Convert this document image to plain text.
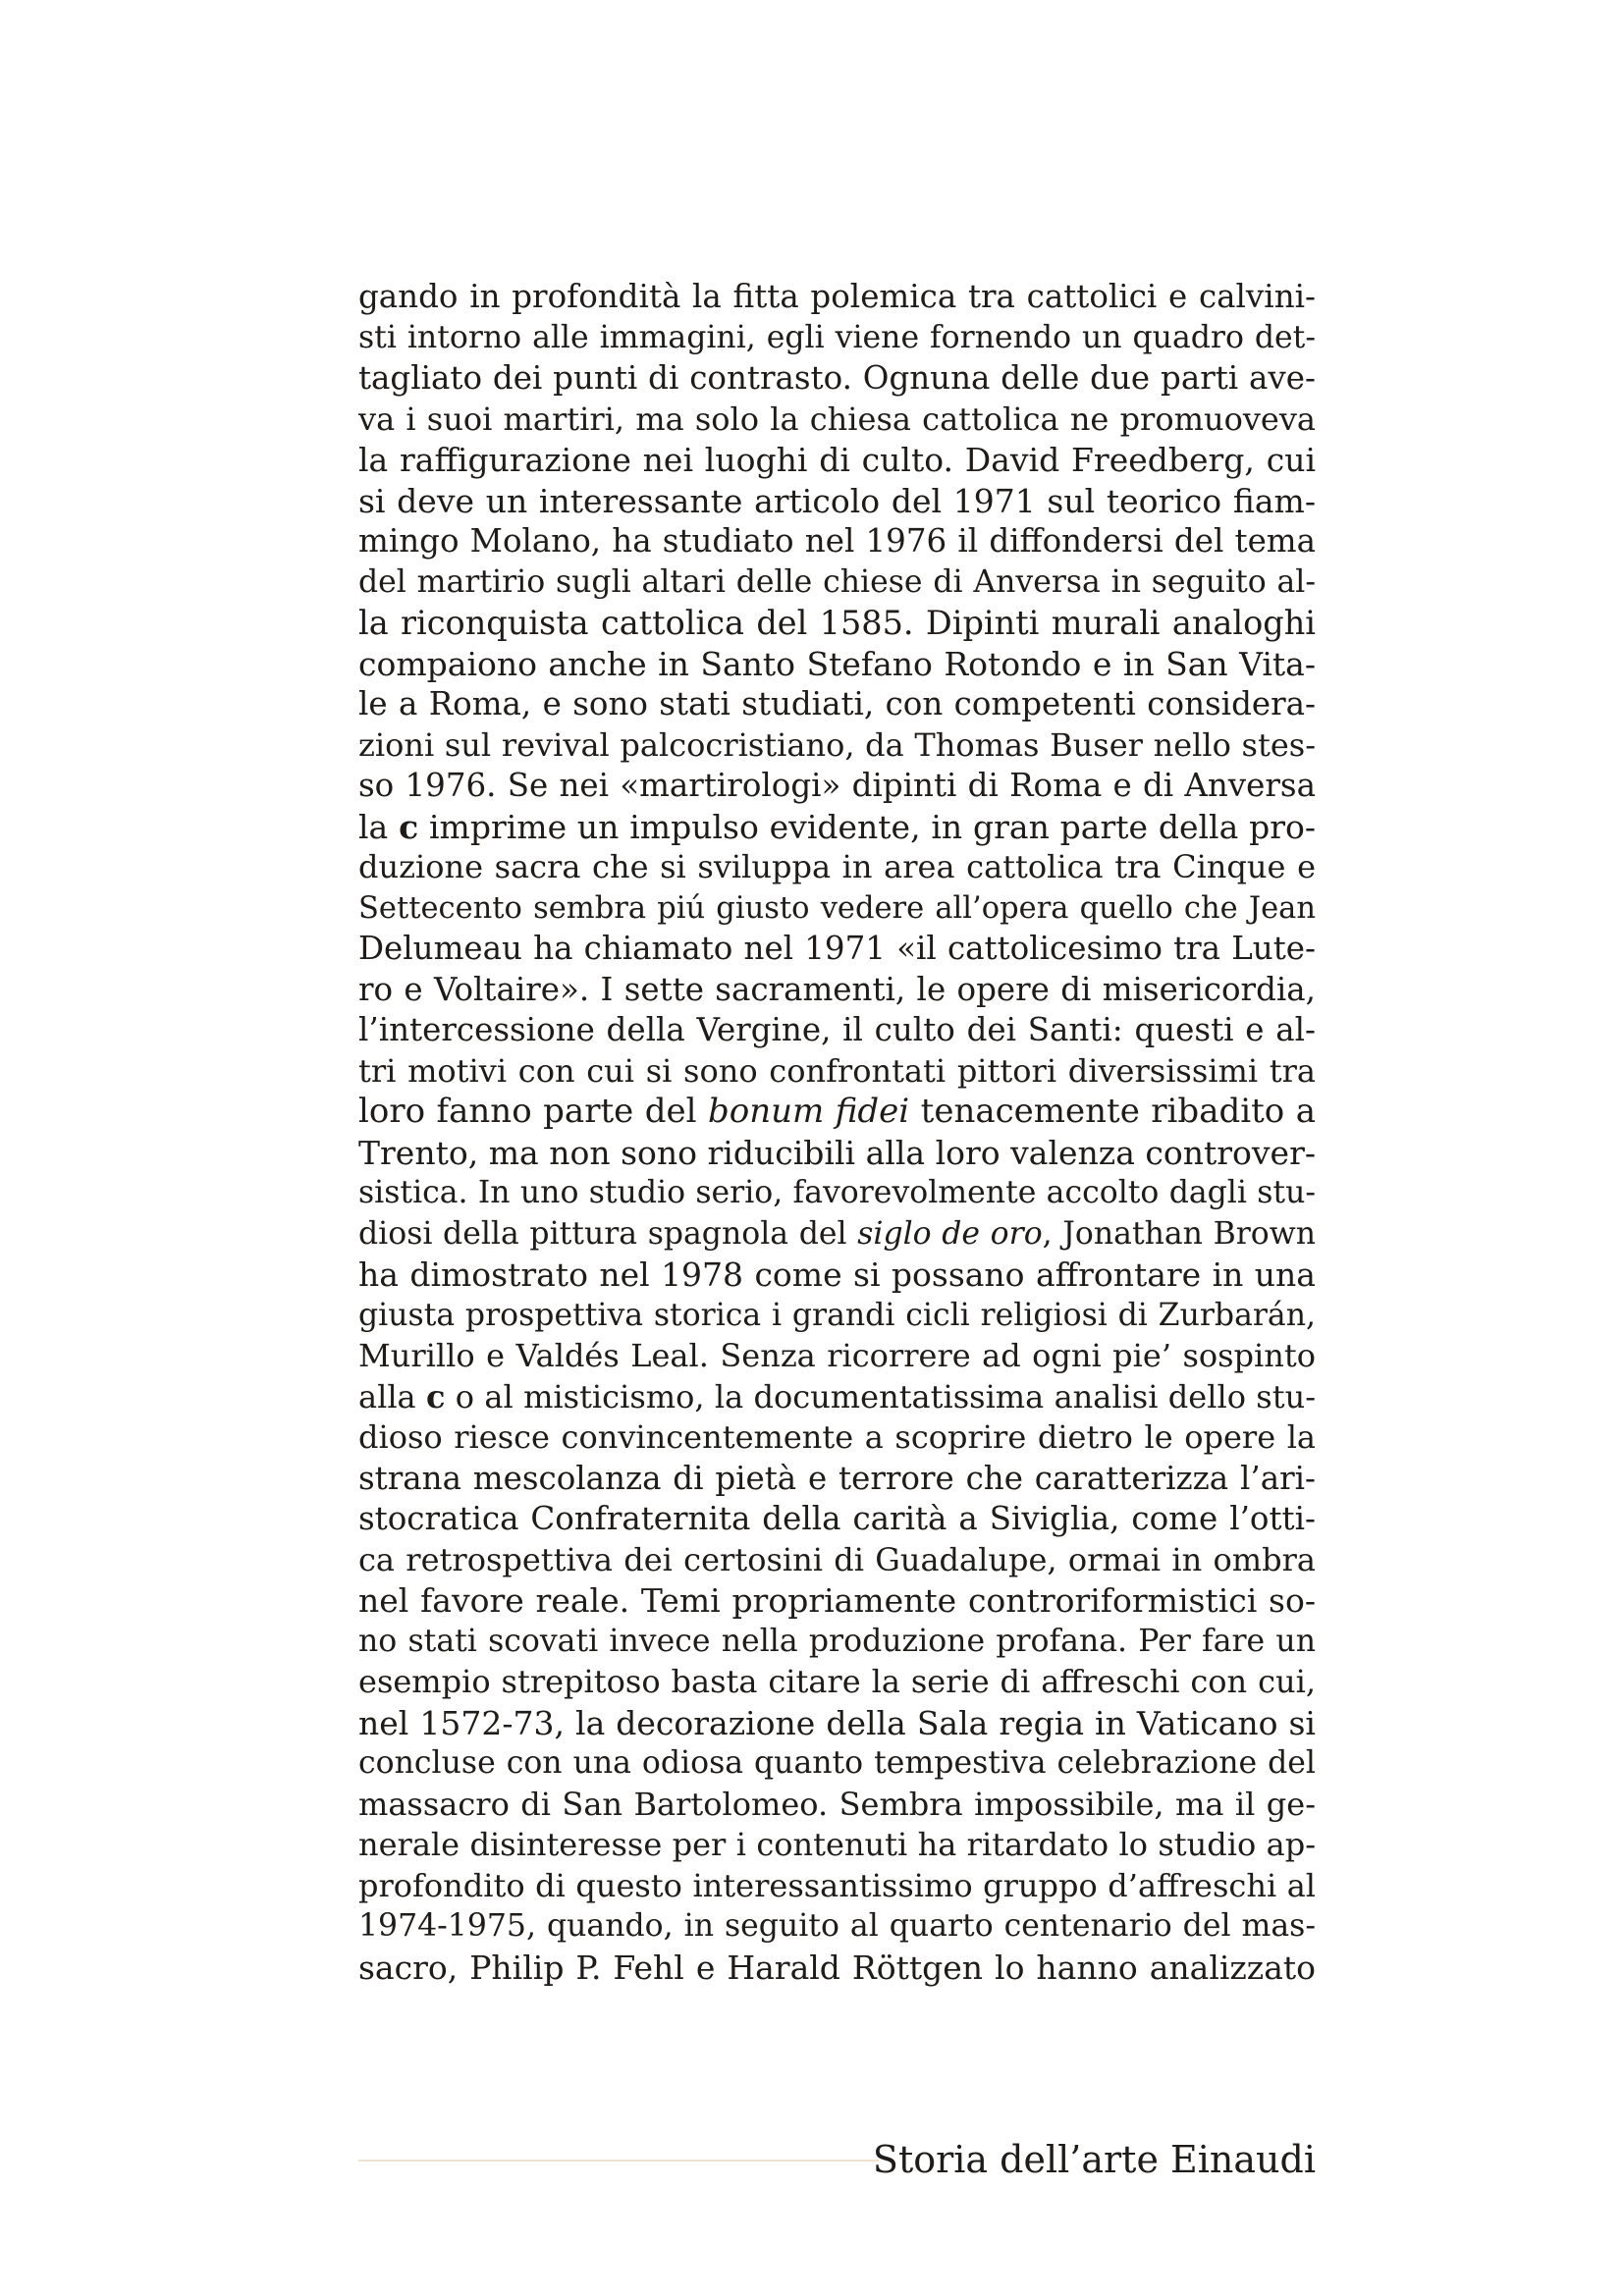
gando in profondità la fitta polemica tra cattolici e calvini-
sti intorno alle immagini, egli viene fornendo un quadro det-
tagliato dei punti di contrasto. Ognuna delle due parti ave-
va i suoi martiri, ma solo la chiesa cattolica ne promuoveva
la raffigurazione nei luoghi di culto. David Freedberg, cui
si deve un interessante articolo del 1971 sul teorico fiam-
mingo Molano, ha studiato nel 1976 il diffondersi del tema
del martirio sugli altari delle chiese di Anversa in seguito al-
la riconquista cattolica del 1585. Dipinti murali analoghi
compaiono anche in Santo Stefano Rotondo e in San Vita-
le a Roma, e sono stati studiati, con competenti considera-
zioni sul revival palcocristiano, da Thomas Buser nello stes-
so 1976. Se nei «martirologi» dipinti di Roma e di Anversa
la c imprime un impulso evidente, in gran parte della pro-
duzione sacra che si sviluppa in area cattolica tra Cinque e
Settecento sembra piú giusto vedere all’opera quello che Jean
Delumeau ha chiamato nel 1971 «il cattolicesimo tra Lute-
ro e Voltaire». I sette sacramenti, le opere di misericordia,
l’intercessione della Vergine, il culto dei Santi: questi e al-
tri motivi con cui si sono confrontati pittori diversissimi tra
loro fanno parte del bonum fidei tenacemente ribadito a
Trento, ma non sono riducibili alla loro valenza controver-
sistica. In uno studio serio, favorevolmente accolto dagli stu-
diosi della pittura spagnola del siglo de oro, Jonathan Brown
ha dimostrato nel 1978 come si possano affrontare in una
giusta prospettiva storica i grandi cicli religiosi di Zurbarán,
Murillo e Valdés Leal. Senza ricorrere ad ogni pie’ sospinto
alla c o al misticismo, la documentatissima analisi dello stu-
dioso riesce convincentemente a scoprire dietro le opere la
strana mescolanza di pietà e terrore che caratterizza l’ari-
stocratica Confraternita della carità a Siviglia, come l’otti-
ca retrospettiva dei certosini di Guadalupe, ormai in ombra
nel favore reale. Temi propriamente controriformistici so-
no stati scovati invece nella produzione profana. Per fare un
esempio strepitoso basta citare la serie di affreschi con cui,
nel 1572-73, la decorazione della Sala regia in Vaticano si
concluse con una odiosa quanto tempestiva celebrazione del
massacro di San Bartolomeo. Sembra impossibile, ma il ge-
nerale disinteresse per i contenuti ha ritardato lo studio ap-
profondito di questo interessantissimo gruppo d’affreschi al
1974-1975, quando, in seguito al quarto centenario del mas-
sacro, Philip P. Fehl e Harald Röttgen lo hanno analizzato
Storia dell’arte Einaudi
